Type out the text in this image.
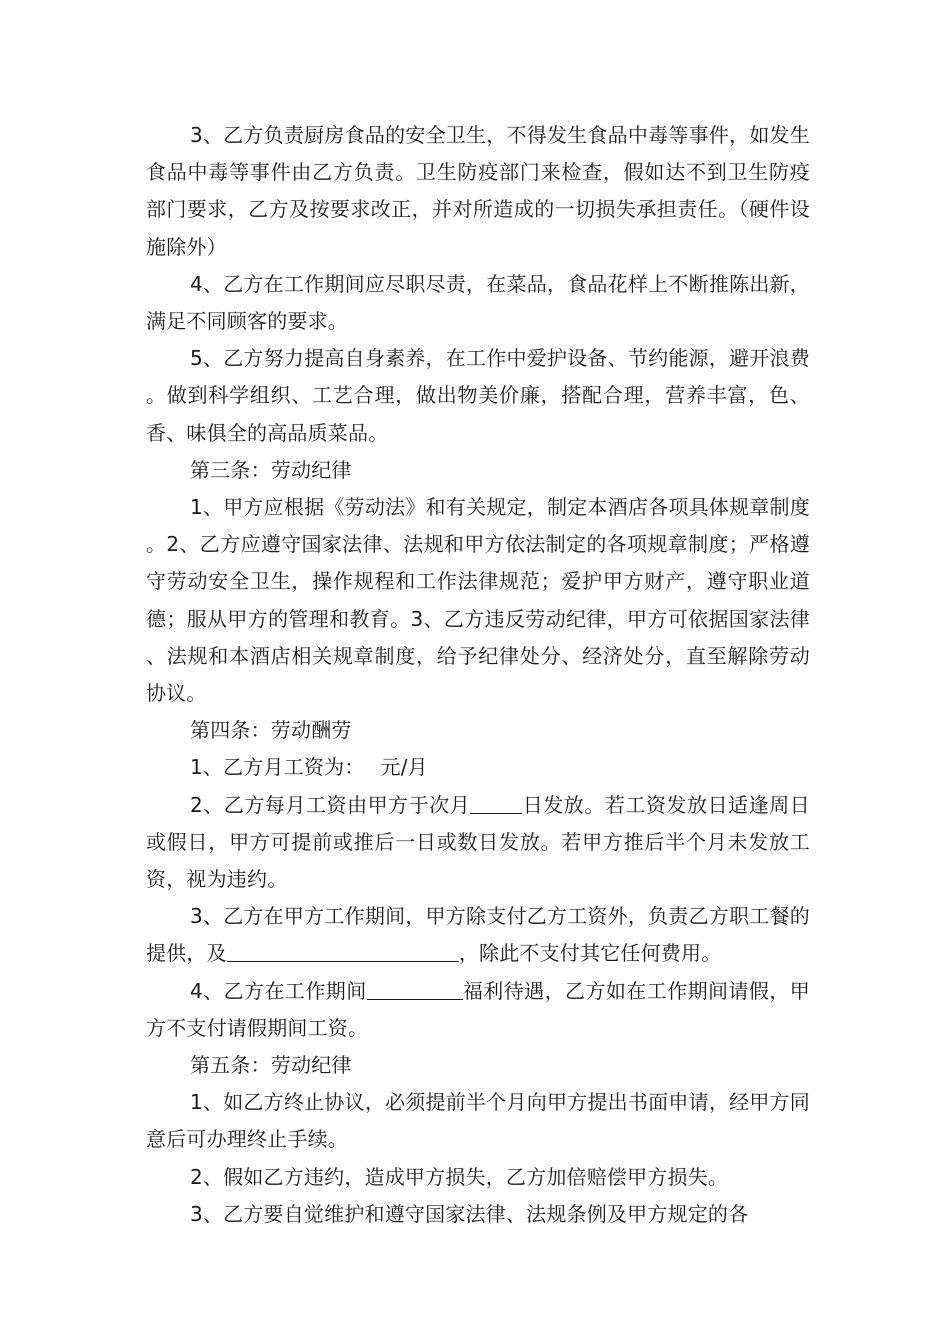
3、乙方负责厨房食品的安全卫生，不得发生食品中毒等事件，如发生食品中毒等事件由乙方负责。卫生防疫部门来检查，假如达不到卫生防疫部门要求，乙方及按要求改正，并对所造成的一切损失承担责任。（硬件设施除外）

4、乙方在工作期间应尽职尽责，在菜品，食品花样上不断推陈出新，满足不同顾客的要求。

5、乙方努力提高自身素养，在工作中爱护设备、节约能源，避开浪费。做到科学组织、工艺合理，做出物美价廉，搭配合理，营养丰富，色、香、味俱全的高品质菜品。

第三条：劳动纪律

1、甲方应根据《劳动法》和有关规定，制定本酒店各项具体规章制度。2、乙方应遵守国家法律、法规和甲方依法制定的各项规章制度；严格遵守劳动安全卫生，操作规程和工作法律规范；爱护甲方财产，遵守职业道德；服从甲方的管理和教育。3、乙方违反劳动纪律，甲方可依据国家法律、法规和本酒店相关规章制度，给予纪律处分、经济处分，直至解除劳动协议。

第四条：劳动酬劳

1、乙方月工资为： 元/月

2、乙方每月工资由甲方于次月	日发放。若工资发放日适逢周日或假日，甲方可提前或推后一日或数日发放。若甲方推后半个月未发放工资，视为违约。

3、乙方在甲方工作期间，甲方除支付乙方工资外，负责乙方职工餐的提供，及	，除此不支付其它任何费用。

4、乙方在工作期间	福利待遇，乙方如在工作期间请假，甲方不支付请假期间工资。

第五条：劳动纪律

1、如乙方终止协议，必须提前半个月向甲方提出书面申请，经甲方同意后可办理终止手续。

2、假如乙方违约，造成甲方损失，乙方加倍赔偿甲方损失。

3、乙方要自觉维护和遵守国家法律、法规条例及甲方规定的各
